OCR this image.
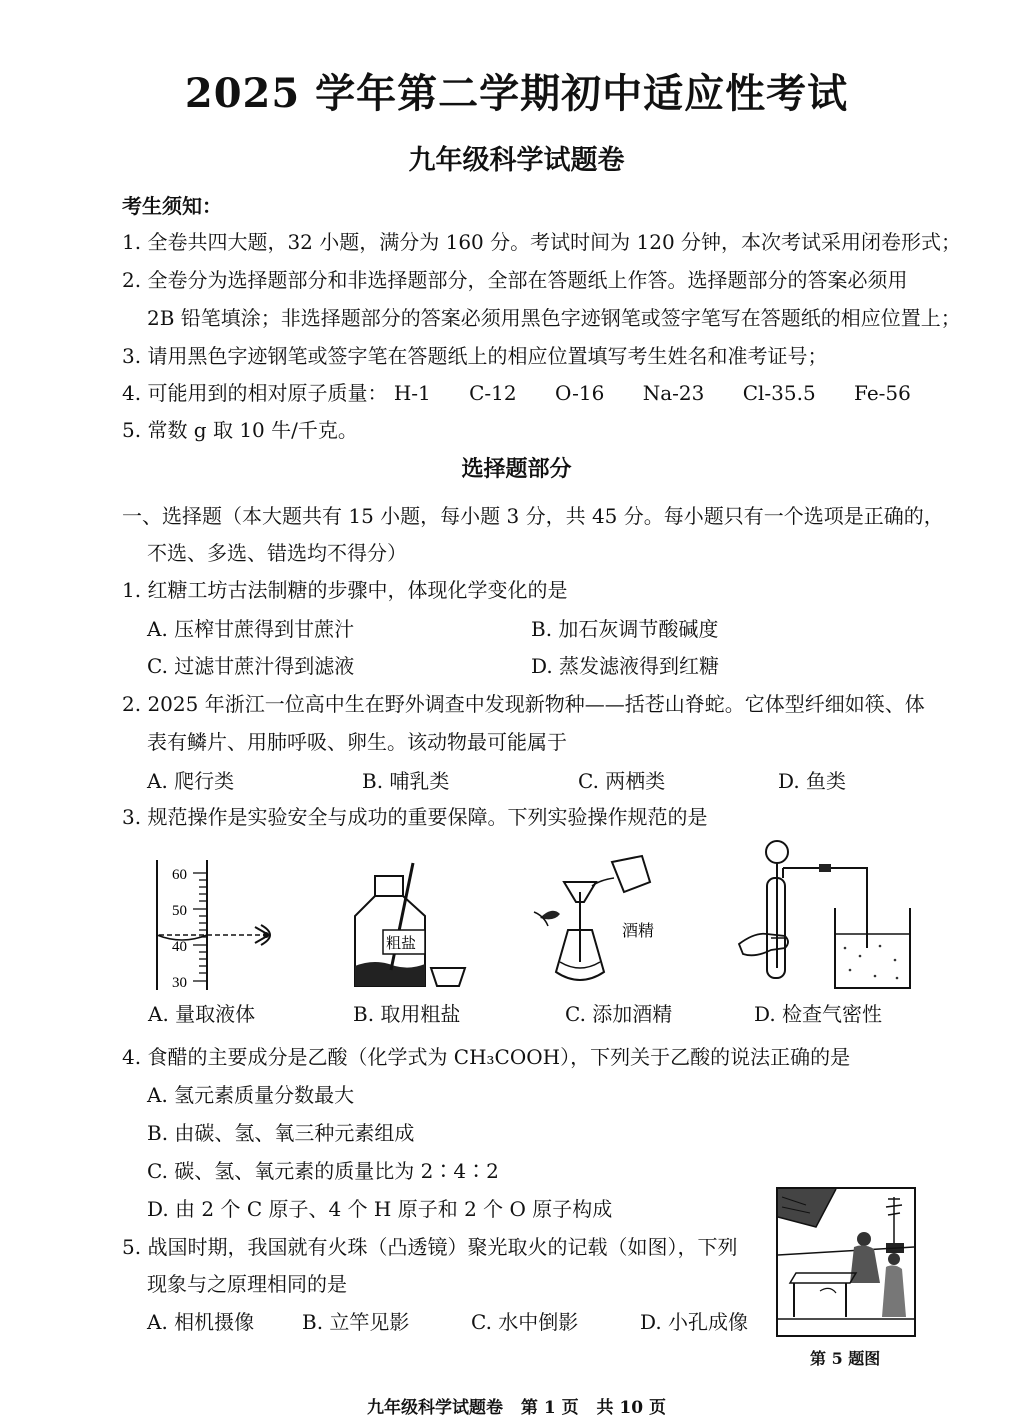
2025 学年第二学期初中适应性考试
九年级科学试题卷
考生须知：
1. 全卷共四大题，32 小题，满分为 160 分。考试时间为 120 分钟，本次考试采用闭卷形式；
2. 全卷分为选择题部分和非选择题部分，全部在答题纸上作答。选择题部分的答案必须用
2B 铅笔填涂；非选择题部分的答案必须用黑色字迹钢笔或签字笔写在答题纸的相应位置上；
3. 请用黑色字迹钢笔或签字笔在答题纸上的相应位置填写考生姓名和准考证号；
4. 可能用到的相对原子质量： H-1 C-12 O-16 Na-23 Cl-35.5 Fe-56
5. 常数 g 取 10 牛/千克。
选择题部分
一、选择题（本大题共有 15 小题，每小题 3 分，共 45 分。每小题只有一个选项是正确的，
不选、多选、错选均不得分）
1. 红糖工坊古法制糖的步骤中，体现化学变化的是
A. 压榨甘蔗得到甘蔗汁	B. 加石灰调节酸碱度
C. 过滤甘蔗汁得到滤液	D. 蒸发滤液得到红糖
2. 2025 年浙江一位高中生在野外调查中发现新物种——括苍山脊蛇。它体型纤细如筷、体
表有鳞片、用肺呼吸、卵生。该动物最可能属于
A. 爬行类	B. 哺乳类	C. 两栖类	D. 鱼类
3. 规范操作是实验安全与成功的重要保障。下列实验操作规范的是
60
50
40
30
粗盐
酒精
A. 量取液体	B. 取用粗盐	C. 添加酒精	D. 检查气密性
4. 食醋的主要成分是乙酸（化学式为 CH₃COOH），下列关于乙酸的说法正确的是
A. 氢元素质量分数最大
B. 由碳、氢、氧三种元素组成
C. 碳、氢、氧元素的质量比为 2∶4∶2
D. 由 2 个 C 原子、4 个 H 原子和 2 个 O 原子构成
5. 战国时期，我国就有火珠（凸透镜）聚光取火的记载（如图），下列
现象与之原理相同的是
A. 相机摄像 B. 立竿见影	C. 水中倒影	D. 小孔成像
第 5 题图
九年级科学试题卷 第 1 页 共 10 页
